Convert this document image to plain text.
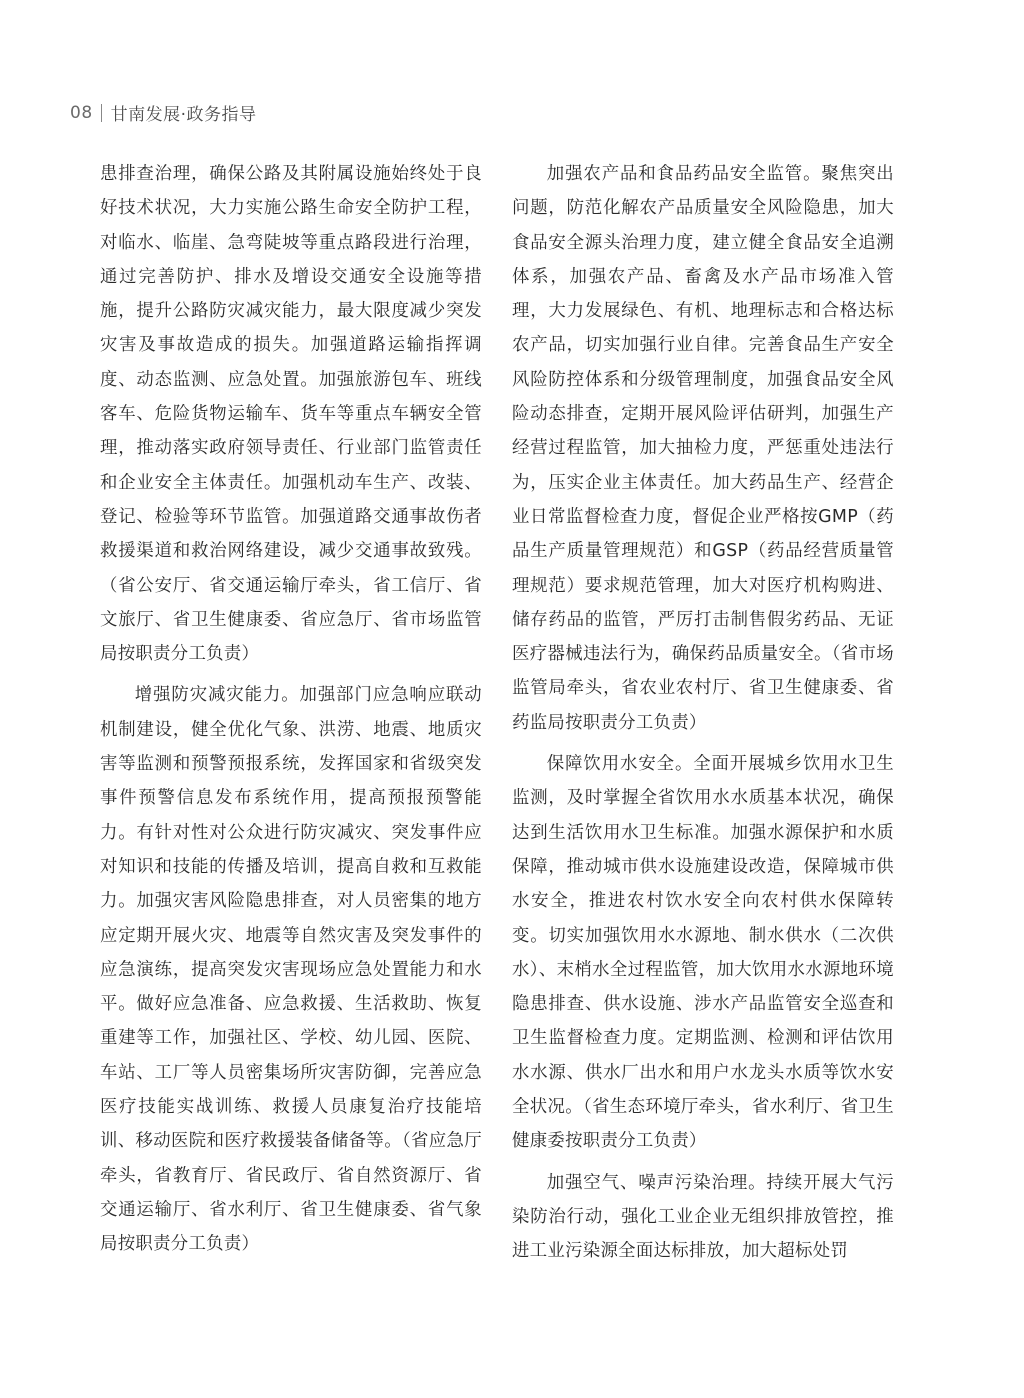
08 甘南发展·政务指导

患排查治理，确保公路及其附属设施始终处于良好技术状况，大力实施公路生命安全防护工程，对临水、临崖、急弯陡坡等重点路段进行治理，通过完善防护、排水及增设交通安全设施等措施，提升公路防灾减灾能力，最大限度减少突发灾害及事故造成的损失。加强道路运输指挥调度、动态监测、应急处置。加强旅游包车、班线客车、危险货物运输车、货车等重点车辆安全管理，推动落实政府领导责任、行业部门监管责任和企业安全主体责任。加强机动车生产、改装、登记、检验等环节监管。加强道路交通事故伤者救援渠道和救治网络建设，减少交通事故致残。（省公安厅、省交通运输厅牵头，省工信厅、省文旅厅、省卫生健康委、省应急厅、省市场监管局按职责分工负责）

增强防灾减灾能力。加强部门应急响应联动机制建设，健全优化气象、洪涝、地震、地质灾害等监测和预警预报系统，发挥国家和省级突发事件预警信息发布系统作用，提高预报预警能力。有针对性对公众进行防灾减灾、突发事件应对知识和技能的传播及培训，提高自救和互救能力。加强灾害风险隐患排查，对人员密集的地方应定期开展火灾、地震等自然灾害及突发事件的应急演练，提高突发灾害现场应急处置能力和水平。做好应急准备、应急救援、生活救助、恢复重建等工作，加强社区、学校、幼儿园、医院、车站、工厂等人员密集场所灾害防御，完善应急医疗技能实战训练、救援人员康复治疗技能培训、移动医院和医疗救援装备储备等。（省应急厅牵头，省教育厅、省民政厅、省自然资源厅、省交通运输厅、省水利厅、省卫生健康委、省气象局按职责分工负责）

加强农产品和食品药品安全监管。聚焦突出问题，防范化解农产品质量安全风险隐患，加大食品安全源头治理力度，建立健全食品安全追溯体系，加强农产品、畜禽及水产品市场准入管理，大力发展绿色、有机、地理标志和合格达标农产品，切实加强行业自律。完善食品生产安全风险防控体系和分级管理制度，加强食品安全风险动态排查，定期开展风险评估研判，加强生产经营过程监管，加大抽检力度，严惩重处违法行为，压实企业主体责任。加大药品生产、经营企业日常监督检查力度，督促企业严格按GMP（药品生产质量管理规范）和GSP（药品经营质量管理规范）要求规范管理，加大对医疗机构购进、储存药品的监管，严厉打击制售假劣药品、无证医疗器械违法行为，确保药品质量安全。（省市场监管局牵头，省农业农村厅、省卫生健康委、省药监局按职责分工负责）

保障饮用水安全。全面开展城乡饮用水卫生监测，及时掌握全省饮用水水质基本状况，确保达到生活饮用水卫生标准。加强水源保护和水质保障，推动城市供水设施建设改造，保障城市供水安全，推进农村饮水安全向农村供水保障转变。切实加强饮用水水源地、制水供水（二次供水）、末梢水全过程监管，加大饮用水水源地环境隐患排查、供水设施、涉水产品监管安全巡查和卫生监督检查力度。定期监测、检测和评估饮用水水源、供水厂出水和用户水龙头水质等饮水安全状况。（省生态环境厅牵头，省水利厅、省卫生健康委按职责分工负责）

加强空气、噪声污染治理。持续开展大气污染防治行动，强化工业企业无组织排放管控，推进工业污染源全面达标排放，加大超标处罚
